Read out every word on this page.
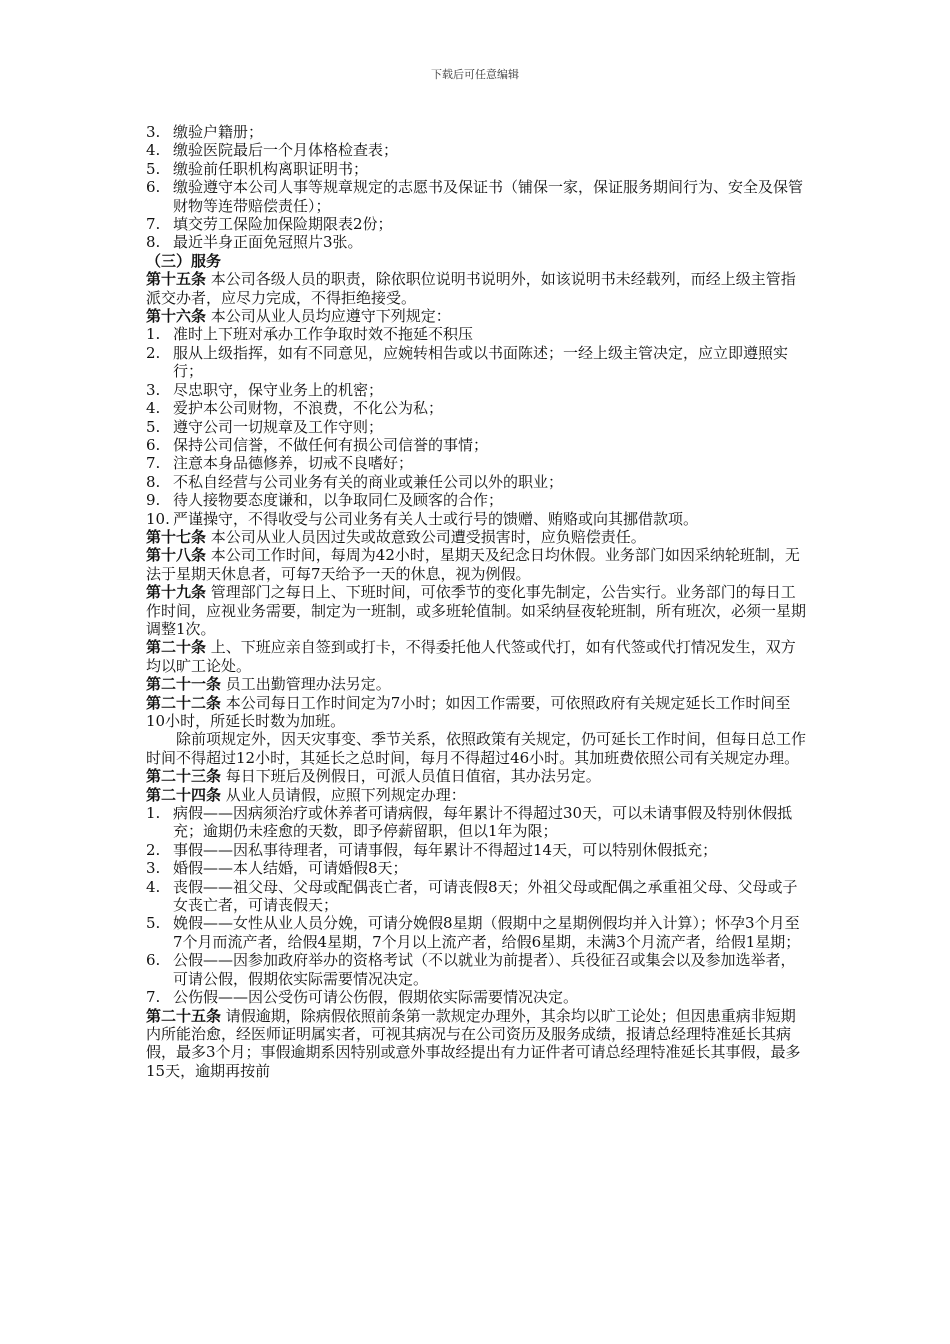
下载后可任意编辑
3. 缴验户籍册；
4. 缴验医院最后一个月体格检查表；
5. 缴验前任职机构离职证明书；
6. 缴验遵守本公司人事等规章规定的志愿书及保证书（铺保一家，保证服务期间行为、安全及保管财物等连带赔偿责任）；
7. 填交劳工保险加保险期限表2份；
8. 最近半身正面免冠照片3张。

（三）服务

第十五条 本公司各级人员的职责，除依职位说明书说明外，如该说明书未经载列，而经上级主管指派交办者，应尽力完成，不得拒绝接受。

第十六条 本公司从业人员均应遵守下列规定：

1. 准时上下班对承办工作争取时效不拖延不积压
2. 服从上级指挥，如有不同意见，应婉转相告或以书面陈述；一经上级主管决定，应立即遵照实行；
3. 尽忠职守，保守业务上的机密；
4. 爱护本公司财物，不浪费，不化公为私；
5. 遵守公司一切规章及工作守则；
6. 保持公司信誉，不做任何有损公司信誉的事情；
7. 注意本身品德修养，切戒不良嗜好；
8. 不私自经营与公司业务有关的商业或兼任公司以外的职业；
9. 待人接物要态度谦和，以争取同仁及顾客的合作；
10. 严谨操守，不得收受与公司业务有关人士或行号的馈赠、贿赂或向其挪借款项。

第十七条 本公司从业人员因过失或故意致公司遭受损害时，应负赔偿责任。

第十八条 本公司工作时间，每周为42小时，星期天及纪念日均休假。业务部门如因采纳轮班制，无法于星期天休息者，可每7天给予一天的休息，视为例假。

第十九条 管理部门之每日上、下班时间，可依季节的变化事先制定，公告实行。业务部门的每日工作时间，应视业务需要，制定为一班制，或多班轮值制。如采纳昼夜轮班制，所有班次，必须一星期调整1次。

第二十条 上、下班应亲自签到或打卡，不得委托他人代签或代打，如有代签或代打情况发生，双方均以旷工论处。

第二十一条 员工出勤管理办法另定。

第二十二条 本公司每日工作时间定为7小时；如因工作需要，可依照政府有关规定延长工作时间至10小时，所延长时数为加班。

除前项规定外，因天灾事变、季节关系，依照政策有关规定，仍可延长工作时间，但每日总工作时间不得超过12小时，其延长之总时间，每月不得超过46小时。其加班费依照公司有关规定办理。

第二十三条 每日下班后及例假日，可派人员值日值宿，其办法另定。

第二十四条 从业人员请假，应照下列规定办理：

1. 病假——因病须治疗或休养者可请病假，每年累计不得超过30天，可以未请事假及特别休假抵充；逾期仍未痊愈的天数，即予停薪留职，但以1年为限；
2. 事假——因私事待理者，可请事假，每年累计不得超过14天，可以特别休假抵充；
3. 婚假——本人结婚，可请婚假8天；
4. 丧假——祖父母、父母或配偶丧亡者，可请丧假8天；外祖父母或配偶之承重祖父母、父母或子女丧亡者，可请丧假天；
5. 娩假——女性从业人员分娩，可请分娩假8星期（假期中之星期例假均并入计算）；怀孕3个月至7个月而流产者，给假4星期，7个月以上流产者，给假6星期，未满3个月流产者，给假1星期；
6. 公假——因参加政府举办的资格考试（不以就业为前提者）、兵役征召或集会以及参加选举者，可请公假，假期依实际需要情况决定。
7. 公伤假——因公受伤可请公伤假，假期依实际需要情况决定。

第二十五条 请假逾期，除病假依照前条第一款规定办理外，其余均以旷工论处；但因患重病非短期内所能治愈，经医师证明属实者，可视其病况与在公司资历及服务成绩，报请总经理特准延长其病假，最多3个月；事假逾期系因特别或意外事故经提出有力证件者可请总经理特准延长其事假，最多15天，逾期再按前
